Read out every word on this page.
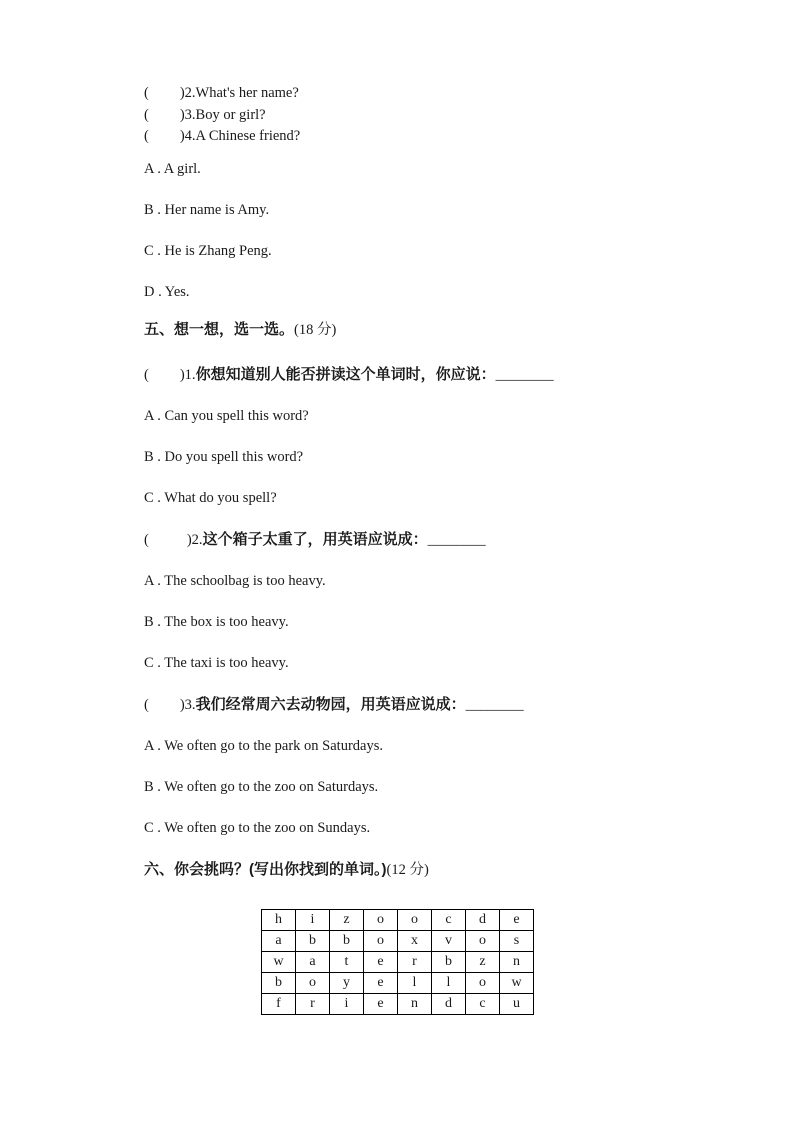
( )2.What's her name?
( )3.Boy or girl?
( )4.A Chinese friend?
A . A girl.
B . Her name is Amy.
C . He is Zhang Peng.
D . Yes.
五、想一想，选一选。(18 分)
( )1.你想知道别人能否拼读这个单词时，你应说：________
A . Can you spell this word?
B . Do you spell this word?
C . What do you spell?
(	)2.这个箱子太重了，用英语应说成：________
A . The schoolbag is too heavy.
B . The box is too heavy.
C . The taxi is too heavy.
( )3.我们经常周六去动物园，用英语应说成：________
A . We often go to the park on Saturdays.
B . We often go to the zoo on Saturdays.
C . We often go to the zoo on Sundays.
六、你会挑吗？(写出你找到的单词。)(12 分)
h	i	z	o	o	c	d	e
a	b	b	o	x	v	o	s
w	a	t	e	r	b	z	n
b	o	y	e	l	l	o	w
f	r	i	e	n	d	c	u
